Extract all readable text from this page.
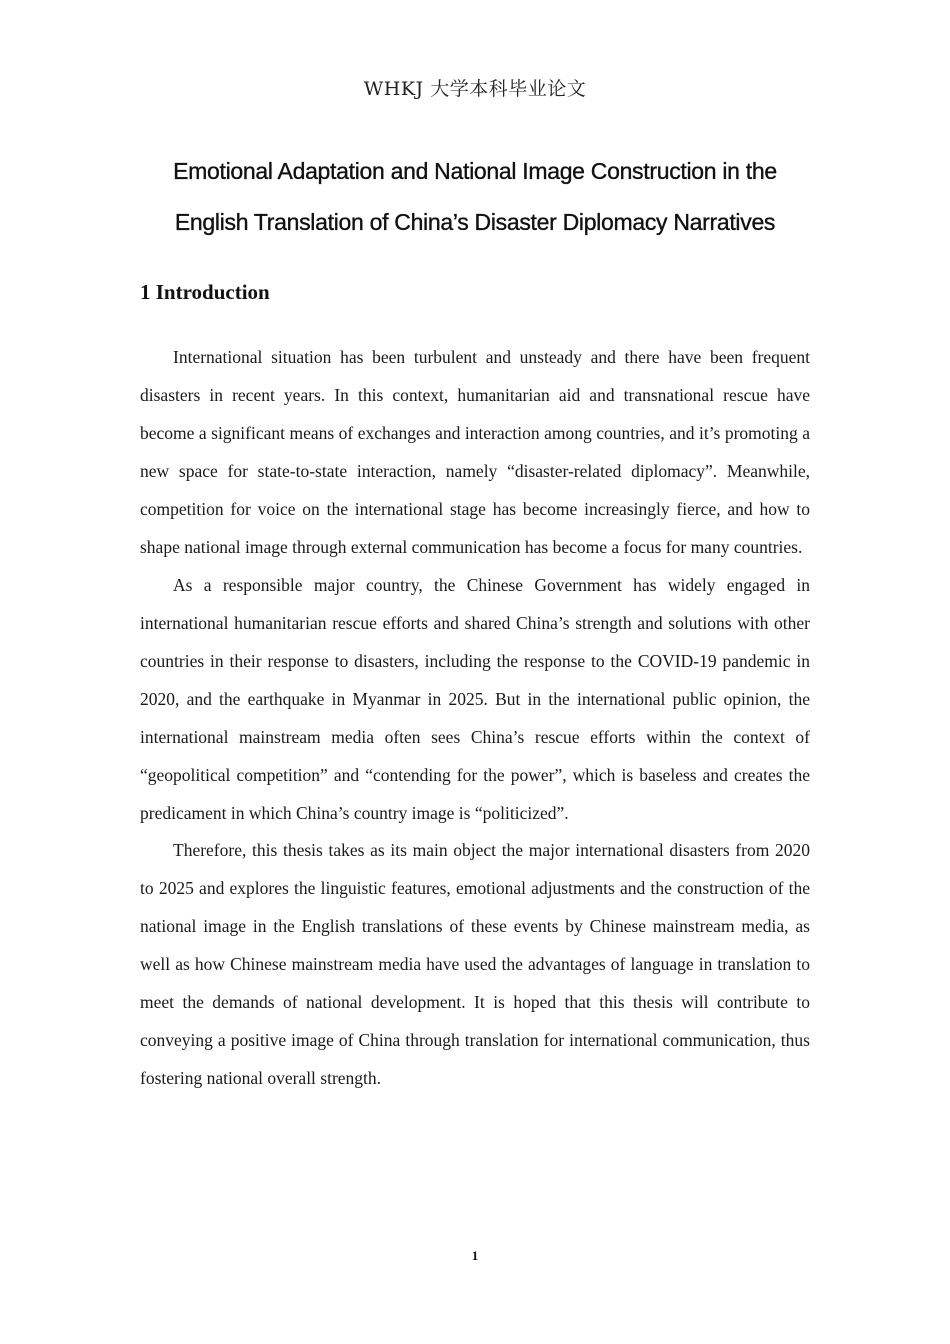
WHKJ 大学本科毕业论文
Emotional Adaptation and National Image Construction in the
English Translation of China’s Disaster Diplomacy Narratives
1 Introduction

International situation has been turbulent and unsteady and there have been frequent disasters in recent years. In this context, humanitarian aid and transnational rescue have become a significant means of exchanges and interaction among countries, and it’s promoting a new space for state-to-state interaction, namely “disaster-related diplomacy”. Meanwhile, competition for voice on the international stage has become increasingly fierce, and how to shape national image through external communication has become a focus for many countries.

As a responsible major country, the Chinese Government has widely engaged in international humanitarian rescue efforts and shared China’s strength and solutions with other countries in their response to disasters, including the response to the COVID-19 pandemic in 2020, and the earthquake in Myanmar in 2025. But in the international public opinion, the international mainstream media often sees China’s rescue efforts within the context of “geopolitical competition” and “contending for the power”, which is baseless and creates the predicament in which China’s country image is “politicized”.

Therefore, this thesis takes as its main object the major international disasters from 2020 to 2025 and explores the linguistic features, emotional adjustments and the construction of the national image in the English translations of these events by Chinese mainstream media, as well as how Chinese mainstream media have used the advantages of language in translation to meet the demands of national development. It is hoped that this thesis will contribute to conveying a positive image of China through translation for international communication, thus fostering national overall strength.

1
